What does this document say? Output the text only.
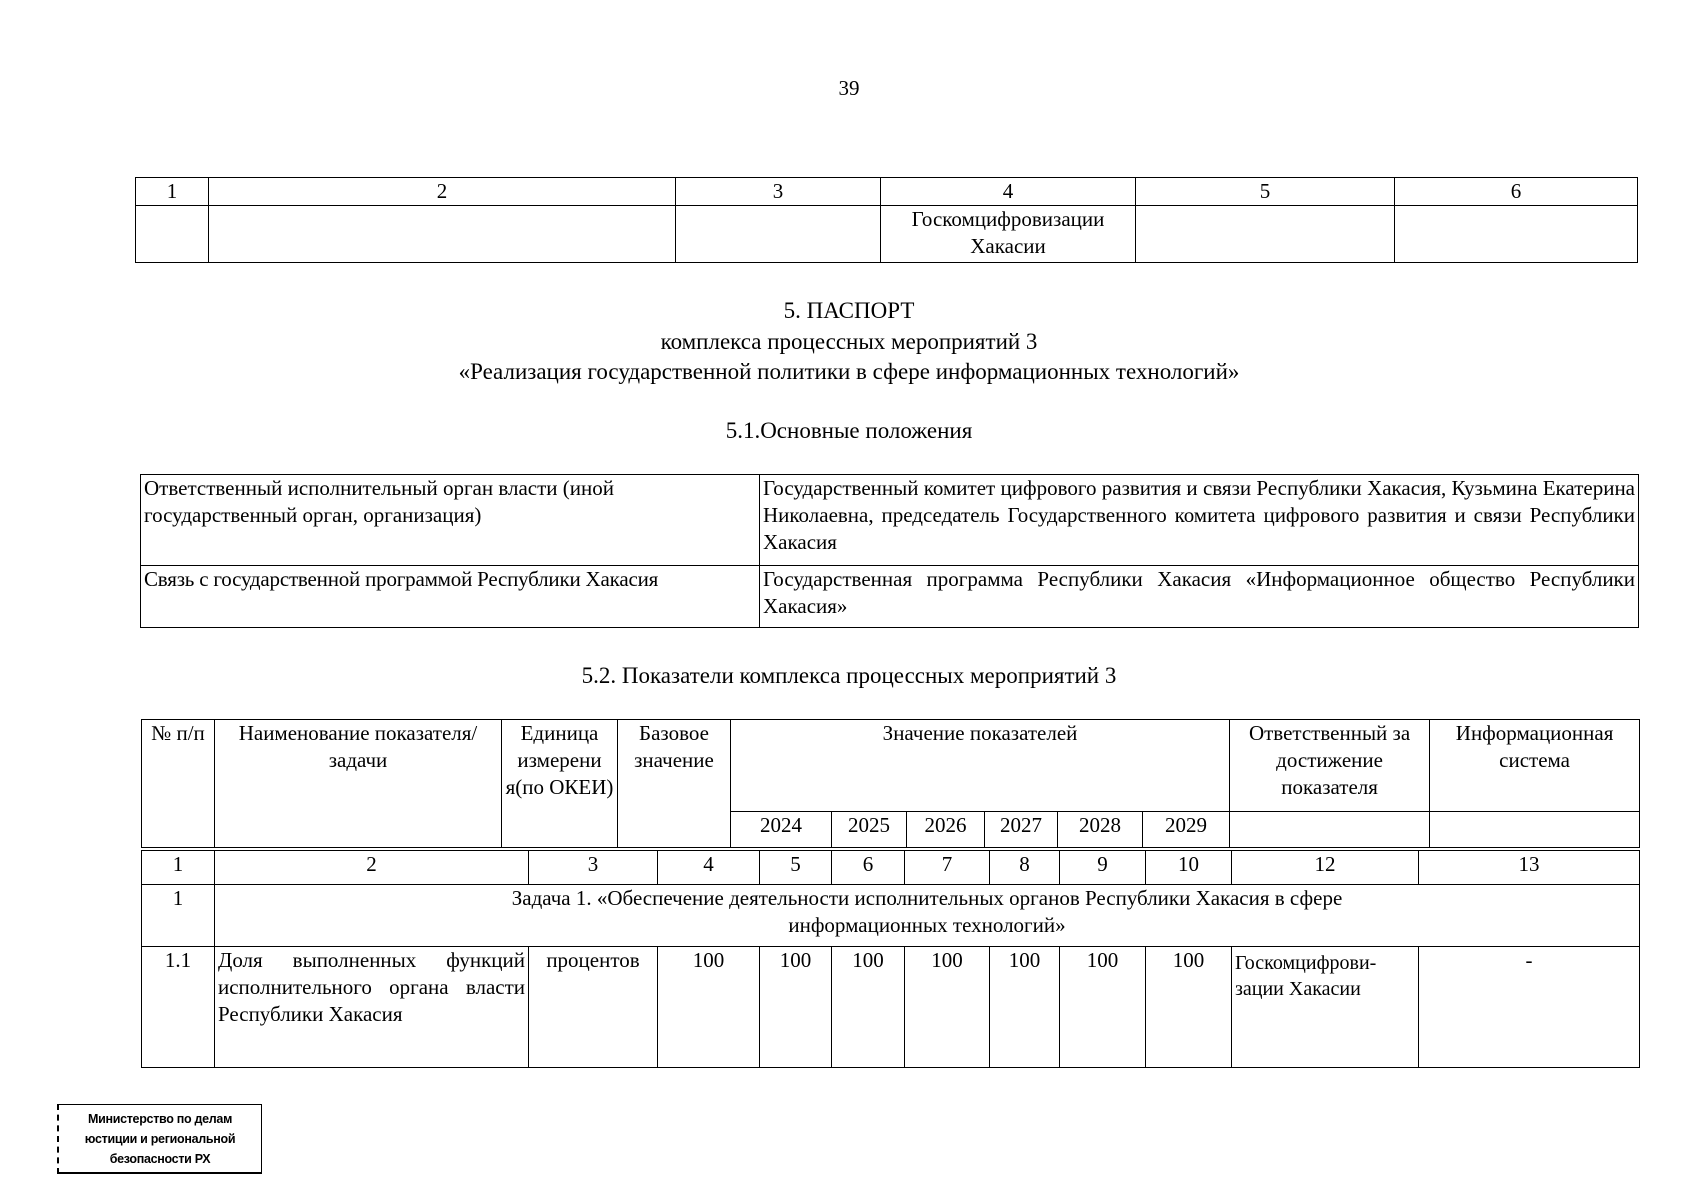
39
1	2	3	4	5	6
			Госкомцифровизации Хакасии		
5. ПАСПОРТ
комплекса процессных мероприятий 3
«Реализация государственной политики в сфере информационных технологий»
5.1.Основные положения
Ответственный исполнительный орган власти (иной государственный орган, организация)	Государственный комитет цифрового развития и связи Республики Хакасия, Кузьмина Екатерина Николаевна, председатель Государственного комитета цифрового развития и связи Республики Хакасия
Связь с государственной программой Республики Хакасия	Государственная программа Республики Хакасия «Информационное общество Республики Хакасия»
5.2. Показатели комплекса процессных мероприятий 3
№ п/п	Наименование показателя/ задачи	Единица измерени я(по ОКЕИ)	Базовое значение	Значение показателей						Ответственный за достижение показателя	Информационная система
				2024	2025	2026	2027	2028	2029		
1	2	3	4	5	6	7	8	9	10	12	13
1	Задача 1. «Обеспечение деятельности исполнительных органов Республики Хакасия в сфере информационных технологий»										
1.1	Доля выполненных функций исполнительного органа власти Республики Хакасия	процентов	100	100	100	100	100	100	100	Госкомцифрови-зации Хакасии	-
Министерство по делам
юстиции и региональной
безопасности РХ
